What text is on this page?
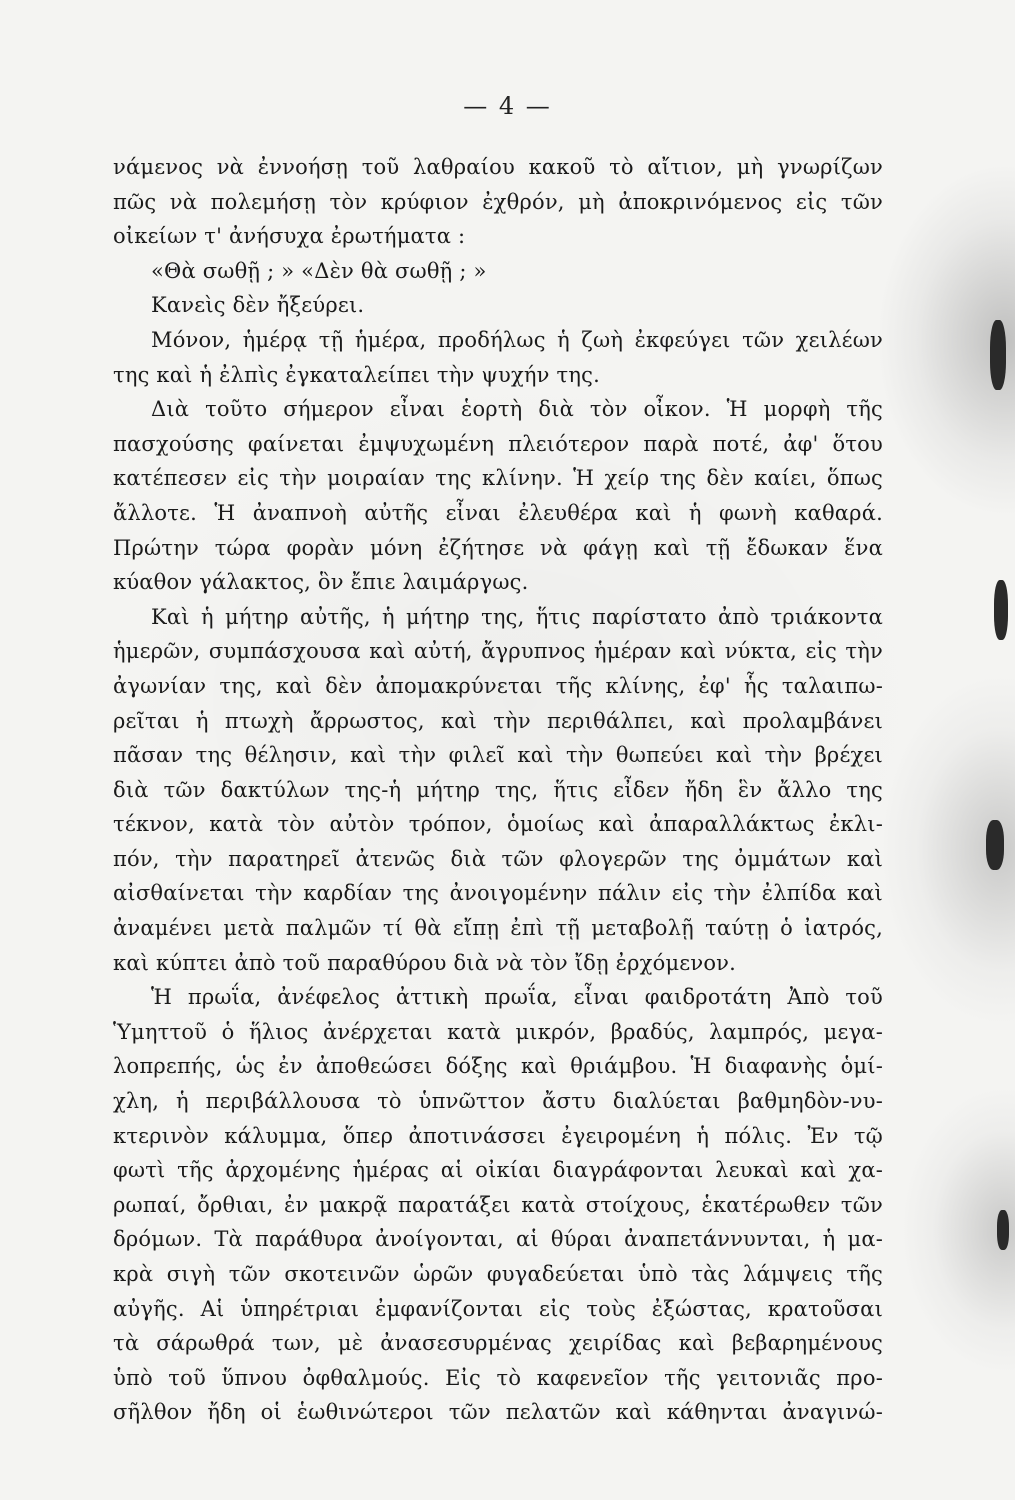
— 4 —
νάμενος νὰ ἐννοήσῃ τοῦ λαθραίου κακοῦ τὸ αἴτιον, μὴ γνωρίζων
πῶς νὰ πολεμήσῃ τὸν κρύφιον ἐχθρόν, μὴ ἀποκρινόμενος εἰς τῶν
οἰκείων τ' ἀνήσυχα ἐρωτήματα :
«Θὰ σωθῇ ; » «Δὲν θὰ σωθῇ ; »
Κανεὶς δὲν ἤξεύρει.
Μόνον, ἡμέρᾳ τῇ ἡμέρα, προδήλως ἡ ζωὴ ἐκφεύγει τῶν χειλέων
της καὶ ἡ ἐλπὶς ἐγκαταλείπει τὴν ψυχήν της.
Διὰ τοῦτο σήμερον εἶναι ἑορτὴ διὰ τὸν οἶκον. Ἡ μορφὴ τῆς
πασχούσης φαίνεται ἐμψυχωμένη πλειότερον παρὰ ποτέ, ἀφ' ὅτου
κατέπεσεν εἰς τὴν μοιραίαν της κλίνην. Ἡ χείρ της δὲν καίει, ὅπως
ἄλλοτε. Ἡ ἀναπνοὴ αὐτῆς εἶναι ἐλευθέρα καὶ ἡ φωνὴ καθαρά.
Πρώτην τώρα φορὰν μόνη ἐζήτησε νὰ φάγῃ καὶ τῇ ἔδωκαν ἕνα
κύαθον γάλακτος, ὃν ἔπιε λαιμάργως.
Καὶ ἡ μήτηρ αὐτῆς, ἡ μήτηρ της, ἥτις παρίστατο ἀπὸ τριάκοντα
ἡμερῶν, συμπάσχουσα καὶ αὐτή, ἄγρυπνος ἡμέραν καὶ νύκτα, εἰς τὴν
ἀγωνίαν της, καὶ δὲν ἀπομακρύνεται τῆς κλίνης, ἐφ' ἧς ταλαιπω-
ρεῖται ἡ πτωχὴ ἄρρωστος, καὶ τὴν περιθάλπει, καὶ προλαμβάνει
πᾶσαν της θέλησιν, καὶ τὴν φιλεῖ καὶ τὴν θωπεύει καὶ τὴν βρέχει
διὰ τῶν δακτύλων της-ἡ μήτηρ της, ἥτις εἶδεν ἤδη ἓν ἄλλο της
τέκνον, κατὰ τὸν αὐτὸν τρόπον, ὁμοίως καὶ ἀπαραλλάκτως ἐκλι-
πόν, τὴν παρατηρεῖ ἀτενῶς διὰ τῶν φλογερῶν της ὀμμάτων καὶ
αἰσθαίνεται τὴν καρδίαν της ἀνοιγομένην πάλιν εἰς τὴν ἐλπίδα καὶ
ἀναμένει μετὰ παλμῶν τί θὰ εἴπῃ ἐπὶ τῇ μεταβολῇ ταύτῃ ὁ ἰατρός,
καὶ κύπτει ἀπὸ τοῦ παραθύρου διὰ νὰ τὸν ἴδῃ ἐρχόμενον.
Ἡ πρωΐα, ἀνέφελος ἀττικὴ πρωΐα, εἶναι φαιδροτάτη Ἀπὸ τοῦ
Ὑμηττοῦ ὁ ἥλιος ἀνέρχεται κατὰ μικρόν, βραδύς, λαμπρός, μεγα-
λοπρεπής, ὡς ἐν ἀποθεώσει δόξης καὶ θριάμβου. Ἡ διαφανὴς ὁμί-
χλη, ἡ περιβάλλουσα τὸ ὑπνῶττον ἄστυ διαλύεται βαθμηδὸν-νυ-
κτερινὸν κάλυμμα, ὅπερ ἀποτινάσσει ἐγειρομένη ἡ πόλις. Ἐν τῷ
φωτὶ τῆς ἀρχομένης ἡμέρας αἱ οἰκίαι διαγράφονται λευκαὶ καὶ χα-
ρωπαί, ὄρθιαι, ἐν μακρᾷ παρατάξει κατὰ στοίχους, ἑκατέρωθεν τῶν
δρόμων. Τὰ παράθυρα ἀνοίγονται, αἱ θύραι ἀναπετάννυνται, ἡ μα-
κρὰ σιγὴ τῶν σκοτεινῶν ὡρῶν φυγαδεύεται ὑπὸ τὰς λάμψεις τῆς
αὐγῆς. Αἱ ὑπηρέτριαι ἐμφανίζονται εἰς τοὺς ἐξώστας, κρατοῦσαι
τὰ σάρωθρά των, μὲ ἀνασεσυρμένας χειρίδας καὶ βεβαρημένους
ὑπὸ τοῦ ὕπνου ὀφθαλμούς. Εἰς τὸ καφενεῖον τῆς γειτονιᾶς προ-
σῆλθον ἤδη οἱ ἑωθινώτεροι τῶν πελατῶν καὶ κάθηνται ἀναγινώ-
